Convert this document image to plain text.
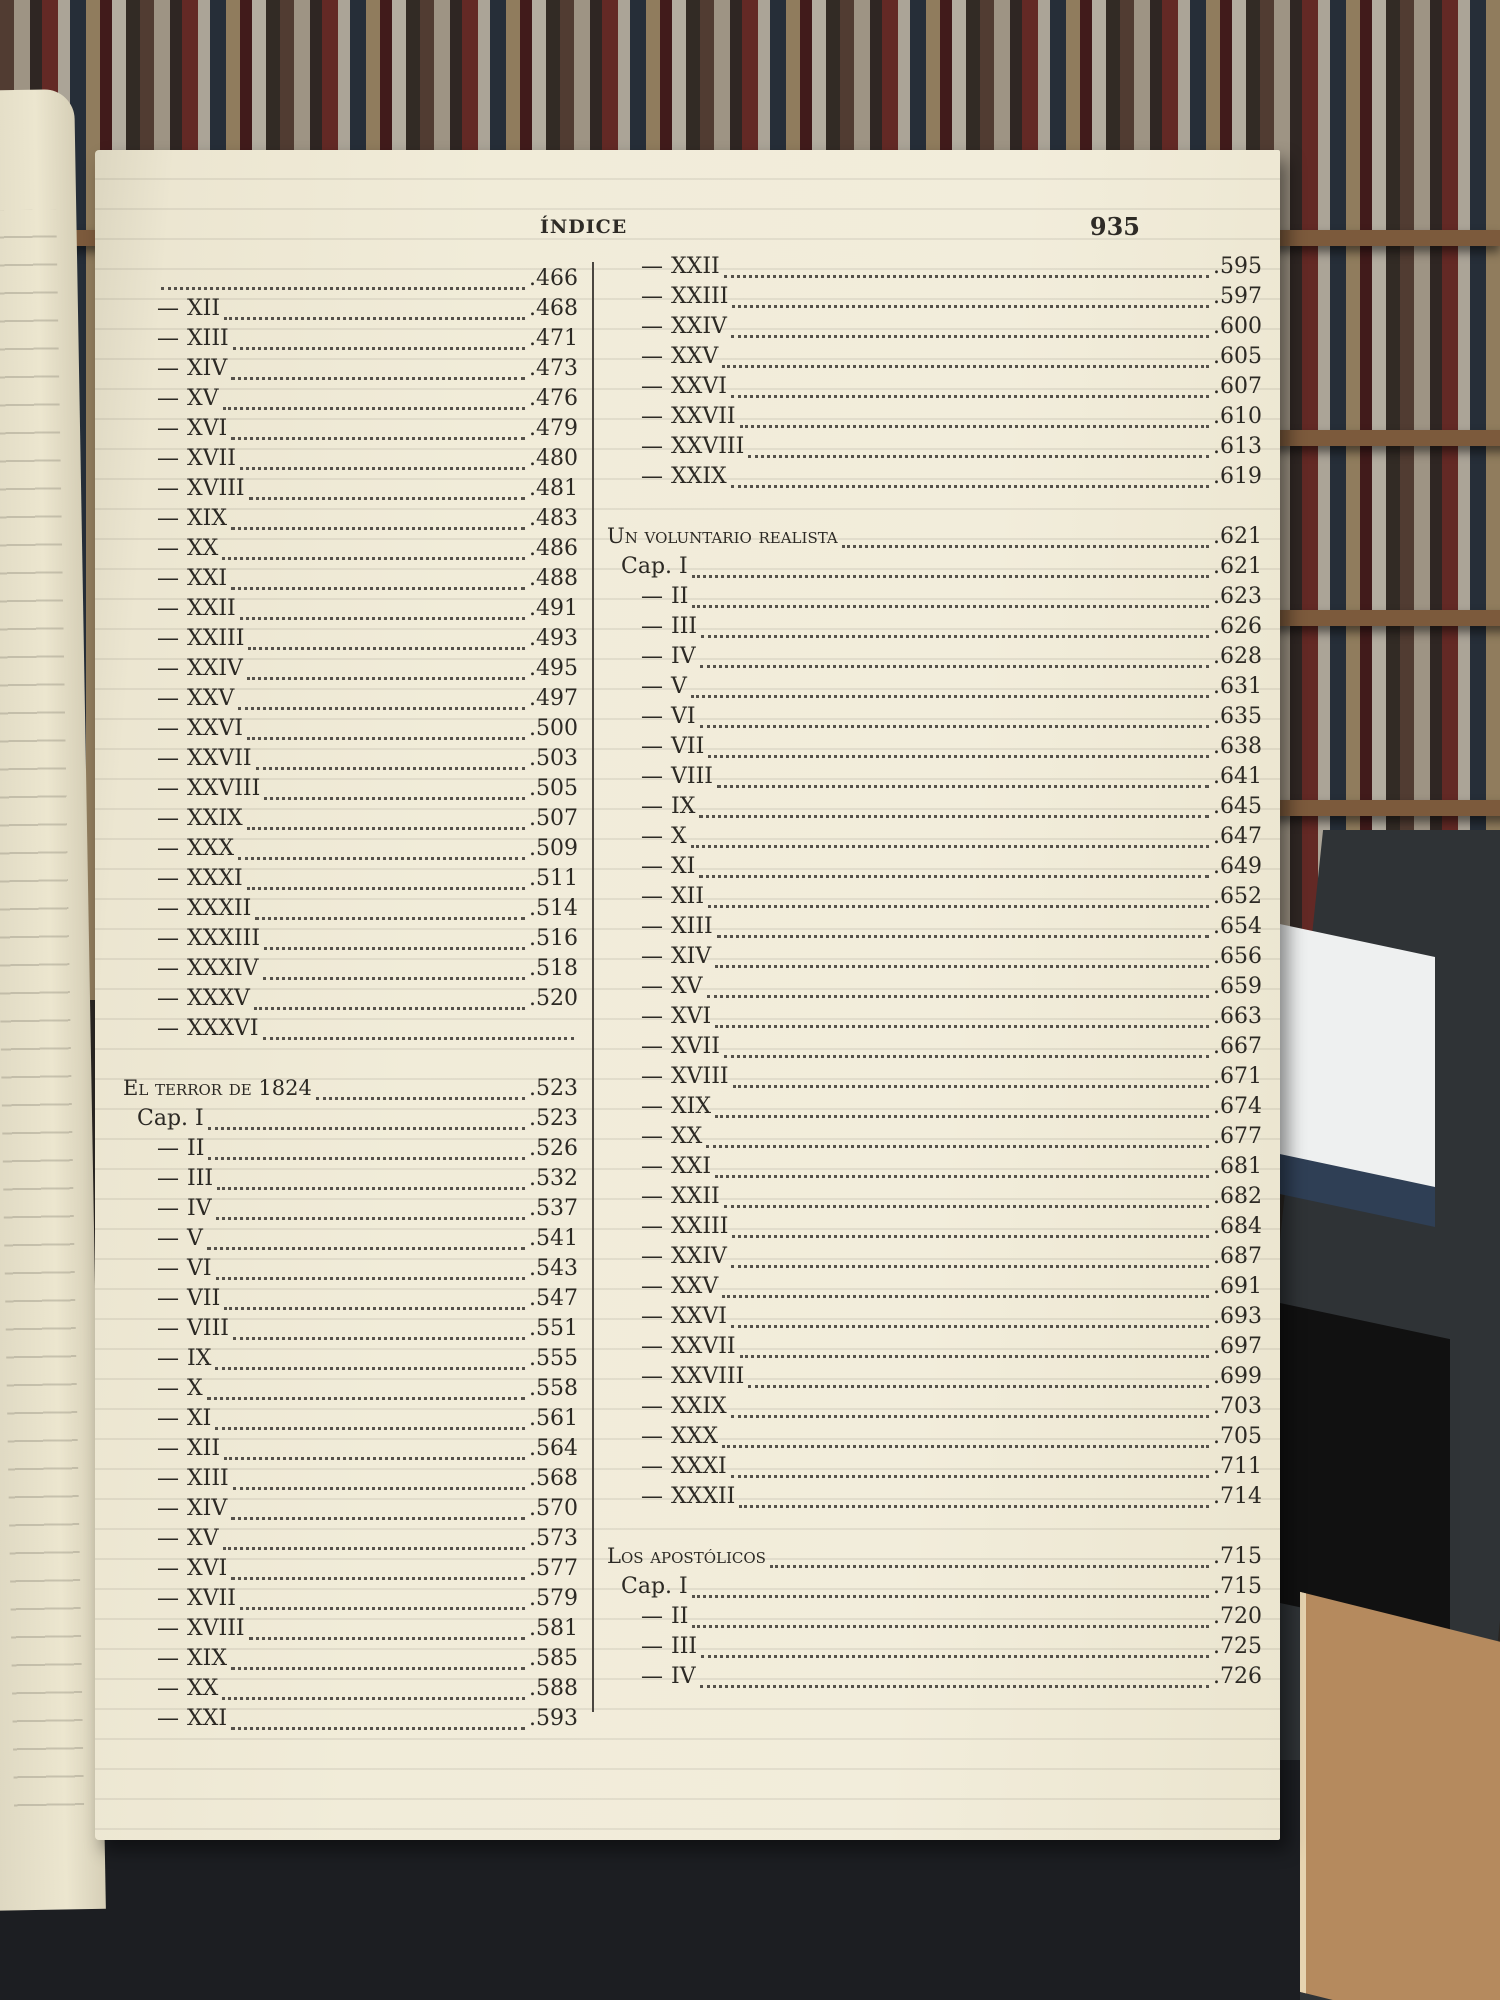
ÍNDICE	935
.466
— XII	.468
— XIII	.471
— XIV	.473
— XV	.476
— XVI	.479
— XVII	.480
— XVIII	.481
— XIX	.483
— XX	.486
— XXI	.488
— XXII	.491
— XXIII	.493
— XXIV	.495
— XXV	.497
— XXVI	.500
— XXVII	.503
— XXVIII	.505
— XXIX	.507
— XXX	.509
— XXXI	.511
— XXXII	.514
— XXXIII	.516
— XXXIV	.518
— XXXV	.520
— XXXVI
El terror de 1824	.523
Cap. I	.523
— II	.526
— III	.532
— IV	.537
— V	.541
— VI	.543
— VII	.547
— VIII	.551
— IX	.555
— X	.558
— XI	.561
— XII	.564
— XIII	.568
— XIV	.570
— XV	.573
— XVI	.577
— XVII	.579
— XVIII	.581
— XIX	.585
— XX	.588
— XXI	.593
— XXII	.595
— XXIII	.597
— XXIV	.600
— XXV	.605
— XXVI	.607
— XXVII	.610
— XXVIII	.613
— XXIX	.619
Un voluntario realista	.621
Cap. I	.621
— II	.623
— III	.626
— IV	.628
— V	.631
— VI	.635
— VII	.638
— VIII	.641
— IX	.645
— X	.647
— XI	.649
— XII	.652
— XIII	.654
— XIV	.656
— XV	.659
— XVI	.663
— XVII	.667
— XVIII	.671
— XIX	.674
— XX	.677
— XXI	.681
— XXII	.682
— XXIII	.684
— XXIV	.687
— XXV	.691
— XXVI	.693
— XXVII	.697
— XXVIII	.699
— XXIX	.703
— XXX	.705
— XXXI	.711
— XXXII	.714
Los apostólicos	.715
Cap. I	.715
— II	.720
— III	.725
— IV	.726
